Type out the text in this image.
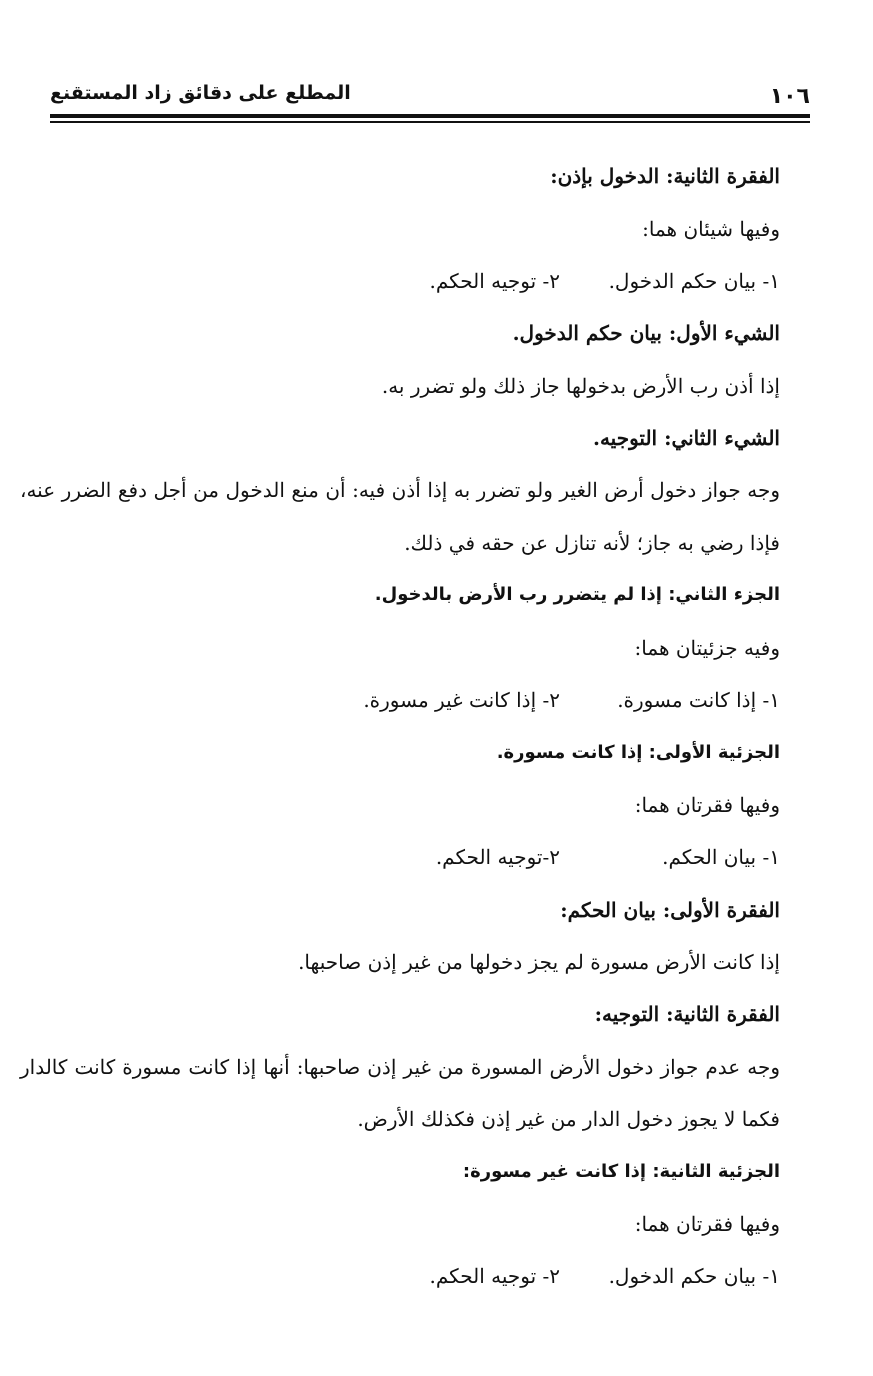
١٠٦
المطلع على دقائق زاد المستقنع
الفقرة الثانية: الدخول بإذن:
وفيها شيئان هما:
١- بيان حكم الدخول.
٢- توجيه الحكم.
الشيء الأول: بيان حكم الدخول.
إذا أذن رب الأرض بدخولها جاز ذلك ولو تضرر به.
الشيء الثاني: التوجيه.
وجه جواز دخول أرض الغير ولو تضرر به إذا أذن فيه: أن منع الدخول من أجل دفع الضرر عنه، فإذا رضي به جاز؛ لأنه تنازل عن حقه في ذلك.
الجزء الثاني: إذا لم يتضرر رب الأرض بالدخول.
وفيه جزئيتان هما:
١- إذا كانت مسورة.
٢- إذا كانت غير مسورة.
الجزئية الأولى: إذا كانت مسورة.
وفيها فقرتان هما:
١- بيان الحكم.
٢-توجيه الحكم.
الفقرة الأولى: بيان الحكم:
إذا كانت الأرض مسورة لم يجز دخولها من غير إذن صاحبها.
الفقرة الثانية: التوجيه:
وجه عدم جواز دخول الأرض المسورة من غير إذن صاحبها: أنها إذا كانت مسورة كانت كالدار فكما لا يجوز دخول الدار من غير إذن فكذلك الأرض.
الجزئية الثانية: إذا كانت غير مسورة:
وفيها فقرتان هما:
١- بيان حكم الدخول.
٢- توجيه الحكم.
